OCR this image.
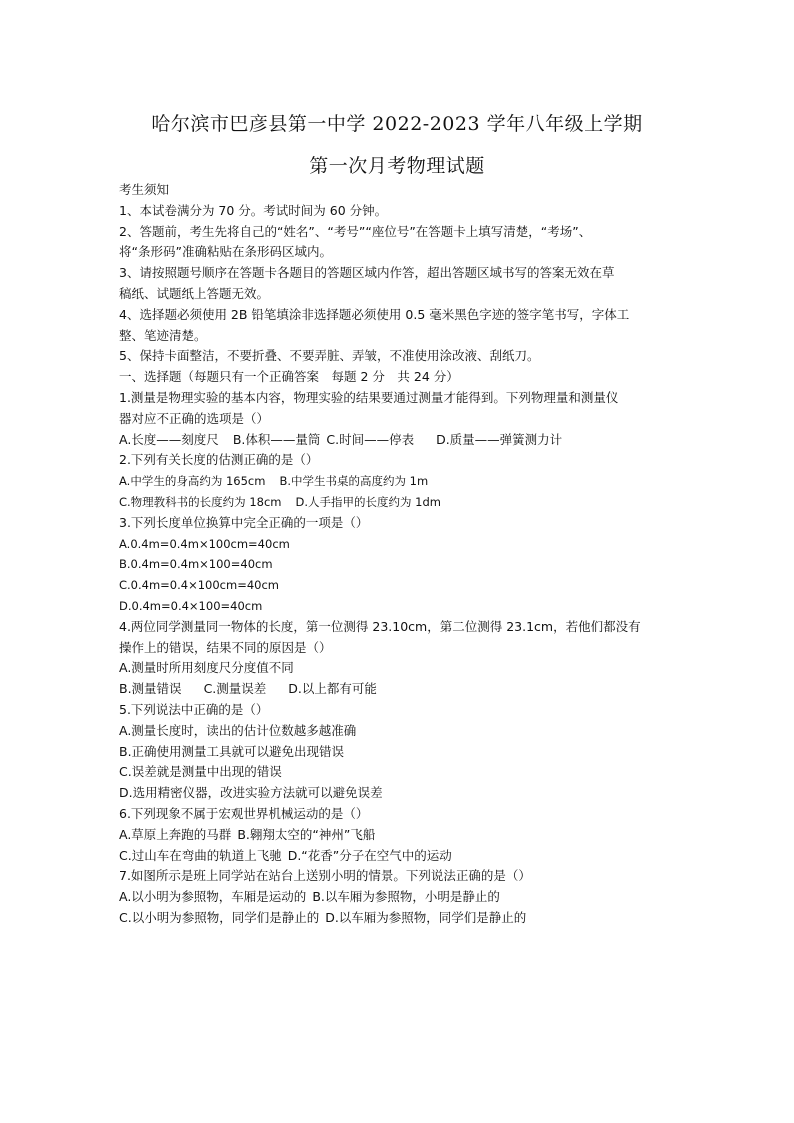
哈尔滨市巴彦县第一中学 2022-2023 学年八年级上学期
第一次月考物理试题
考生须知
1、本试卷满分为 70 分。考试时间为 60 分钟。
2、答题前，考生先将自己的“姓名”、“考号”“座位号”在答题卡上填写清楚，“考场”、
将“条形码”准确粘贴在条形码区域内。
3、请按照题号顺序在答题卡各题目的答题区域内作答，超出答题区域书写的答案无效在草
稿纸、试题纸上答题无效。
4、选择题必须使用 2B 铅笔填涂非选择题必须使用 0.5 毫米黑色字迹的签字笔书写，字体工
整、笔迹清楚。
5、保持卡面整洁，不要折叠、不要弄脏、弄皱，不准使用涂改液、刮纸刀。
一、选择题（每题只有一个正确答案　每题 2 分　共 24 分）
1.测量是物理实验的基本内容，物理实验的结果要通过测量才能得到。下列物理量和测量仪
器对应不正确的选项是（）
A.长度——刻度尺 B.体积——量筒 C.时间——停表 D.质量——弹簧测力计
2.下列有关长度的估测正确的是（）
A.中学生的身高约为 165cm B.中学生书桌的高度约为 1m
C.物理教科书的长度约为 18cm D.人手指甲的长度约为 1dm
3.下列长度单位换算中完全正确的一项是（）
A.0.4m=0.4m×100cm=40cm
B.0.4m=0.4m×100=40cm
C.0.4m=0.4×100cm=40cm
D.0.4m=0.4×100=40cm
4.两位同学测量同一物体的长度，第一位测得 23.10cm，第二位测得 23.1cm，若他们都没有
操作上的错误，结果不同的原因是（）
A.测量时所用刻度尺分度值不同
B.测量错误 C.测量误差 D.以上都有可能
5.下列说法中正确的是（）
A.测量长度时，读出的估计位数越多越准确
B.正确使用测量工具就可以避免出现错误
C.误差就是测量中出现的错误
D.选用精密仪器，改进实验方法就可以避免误差
6.下列现象不属于宏观世界机械运动的是（）
A.草原上奔跑的马群 B.翱翔太空的“神州”飞船
C.过山车在弯曲的轨道上飞驰 D.“花香”分子在空气中的运动
7.如图所示是班上同学站在站台上送别小明的情景。下列说法正确的是（）
A.以小明为参照物，车厢是运动的 B.以车厢为参照物，小明是静止的
C.以小明为参照物，同学们是静止的 D.以车厢为参照物，同学们是静止的
